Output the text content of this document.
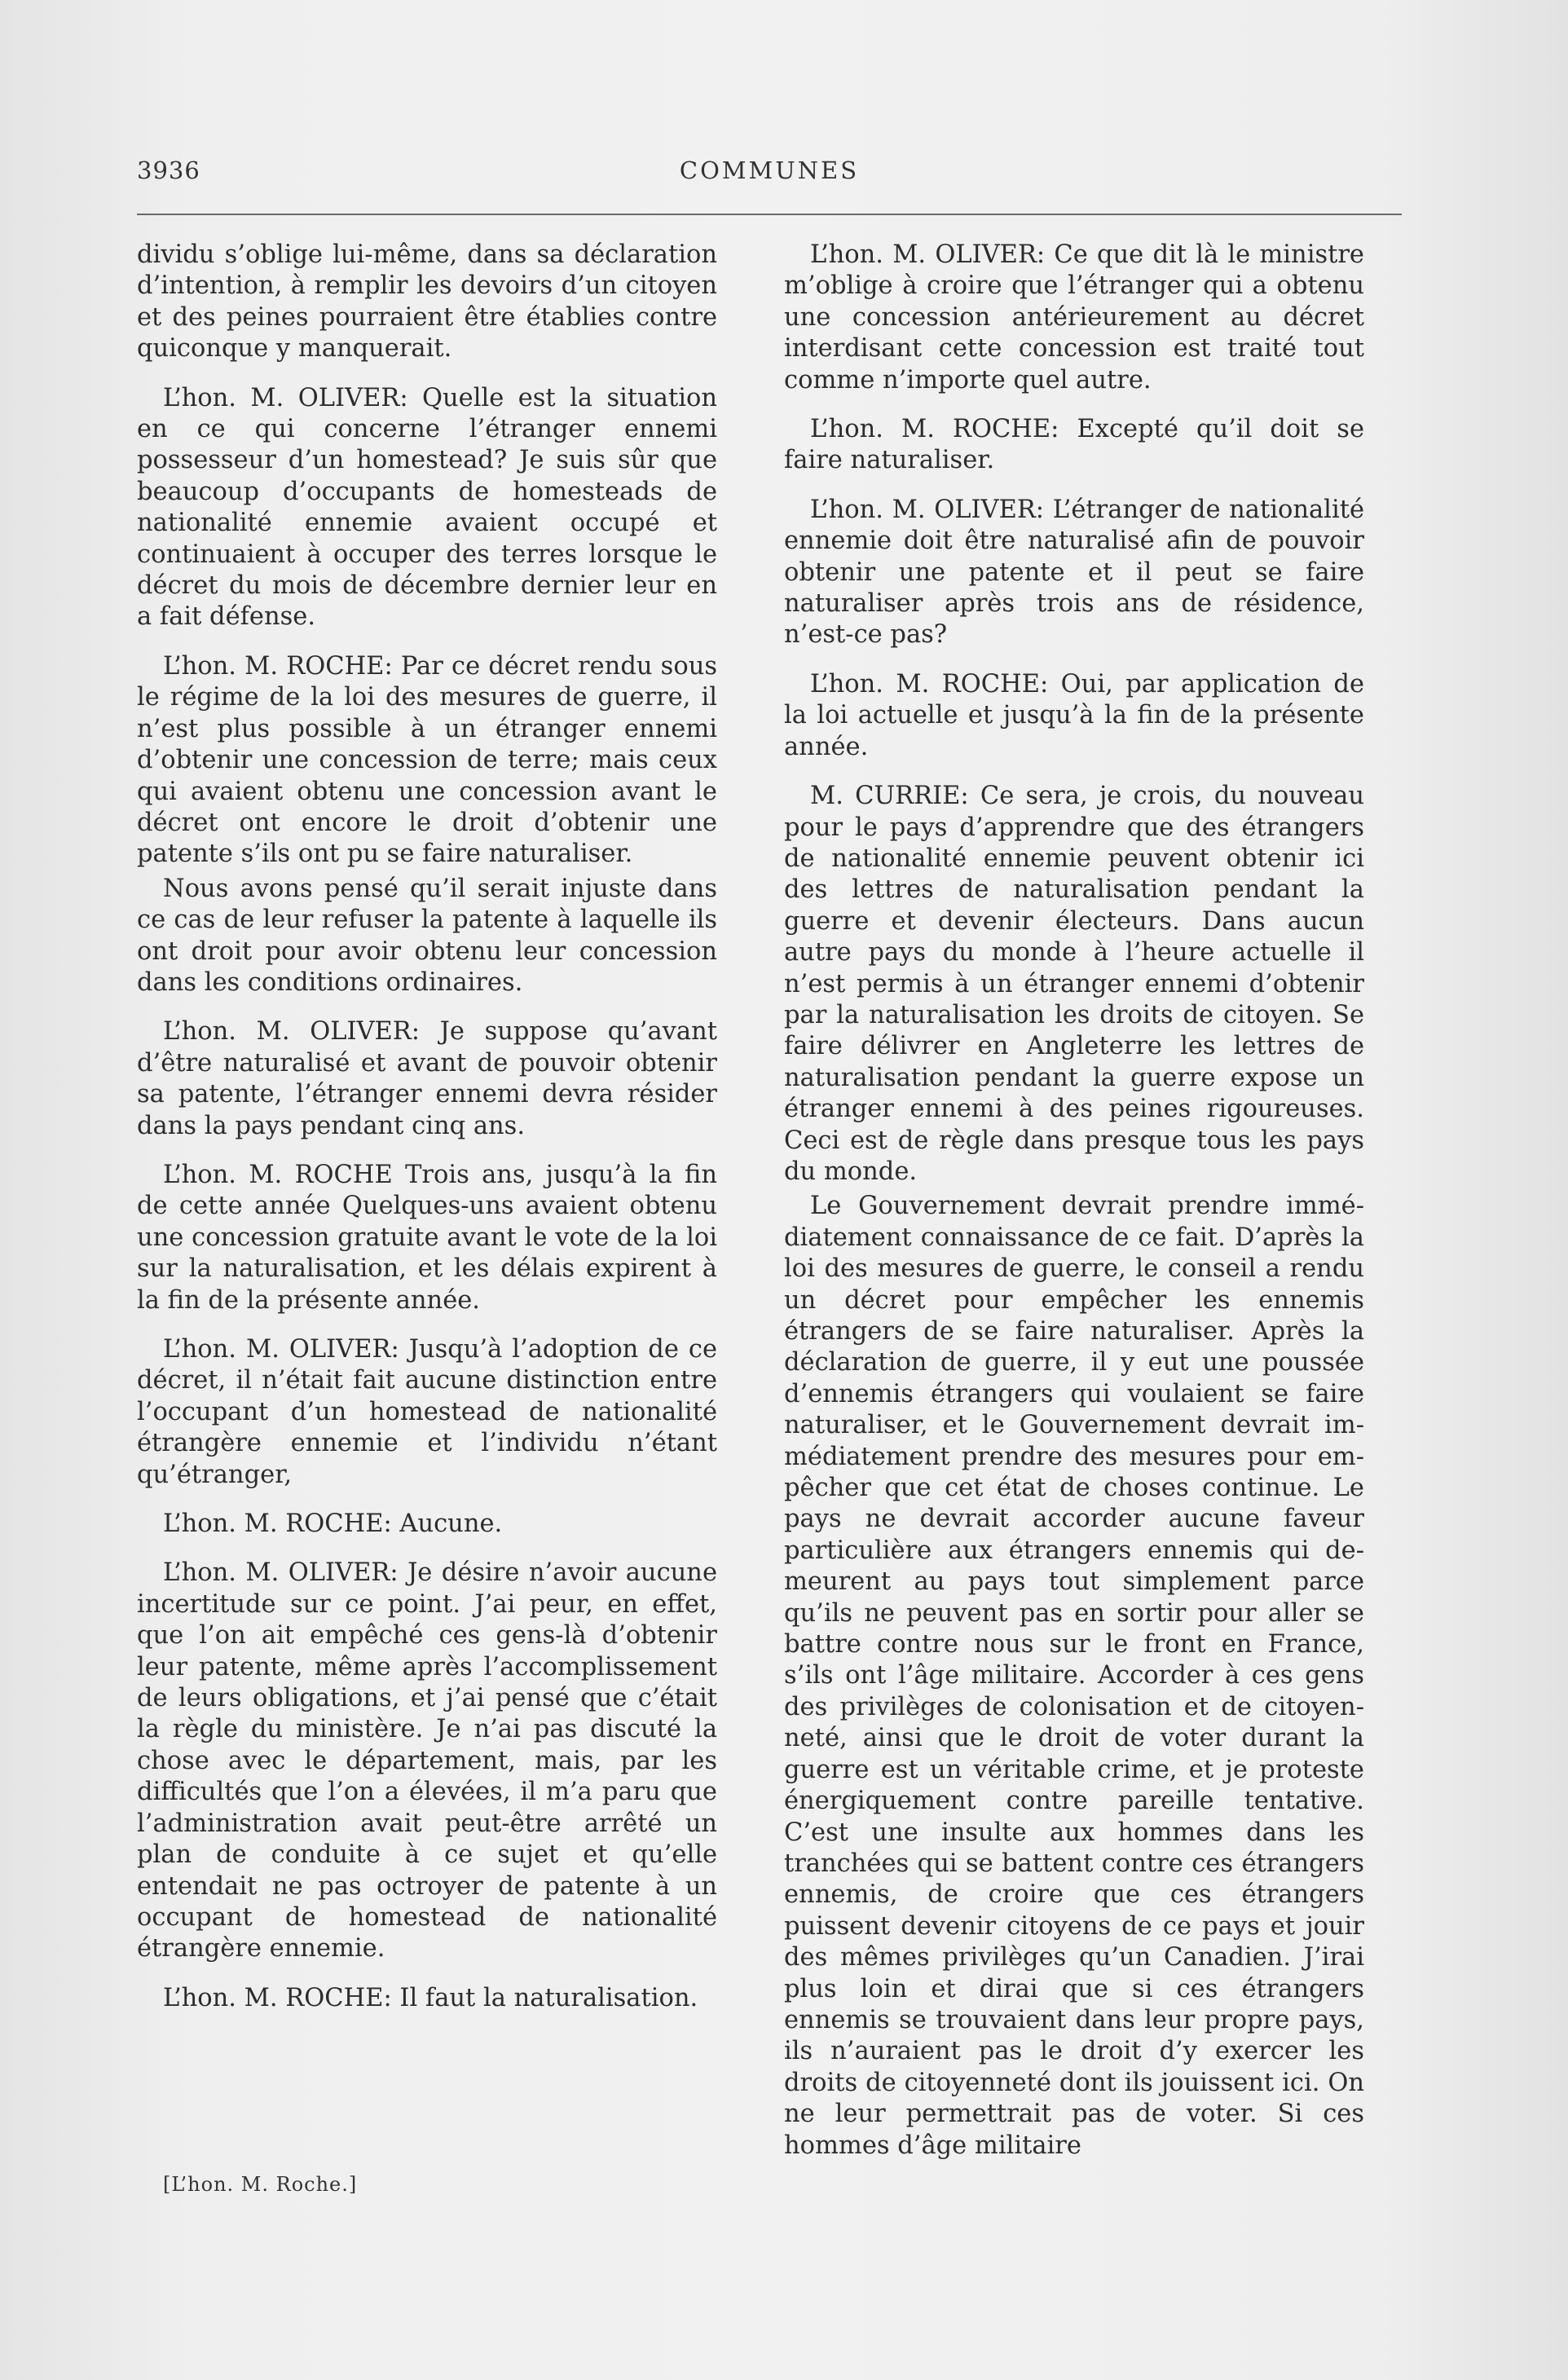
3936	COMMUNES

dividu s’oblige lui-même, dans sa déclaration d’intention, à remplir les devoirs d’un citoyen et des peines pourraient être établies contre quiconque y manquerait.

L’hon. M. OLIVER: Quelle est la situation en ce qui concerne l’étranger ennemi possesseur d’un homestead? Je suis sûr que beaucoup d’occupants de homesteads de nationalité ennemie avaient occupé et continuaient à occuper des terres lorsque le décret du mois de décembre dernier leur en a fait défense.

L’hon. M. ROCHE: Par ce décret rendu sous le régime de la loi des mesures de guerre, il n’est plus possible à un étranger ennemi d’obtenir une concession de terre; mais ceux qui avaient obtenu une concession avant le décret ont encore le droit d’obtenir une patente s’ils ont pu se faire naturaliser.

Nous avons pensé qu’il serait injuste dans ce cas de leur refuser la patente à laquelle ils ont droit pour avoir obtenu leur concession dans les conditions ordinaires.

L’hon. M. OLIVER: Je suppose qu’avant d’être naturalisé et avant de pouvoir obtenir sa patente, l’étranger ennemi devra résider dans la pays pendant cinq ans.

L’hon. M. ROCHE Trois ans, jusqu’à la fin de cette année Quelques-uns avaient obtenu une concession gratuite avant le vote de la loi sur la naturalisation, et les délais expirent à la fin de la présente année.

L’hon. M. OLIVER: Jusqu’à l’adoption de ce décret, il n’était fait aucune distinction entre l’occupant d’un homestead de nationalité étrangère ennemie et l’individu n’étant qu’étranger,

L’hon. M. ROCHE: Aucune.

L’hon. M. OLIVER: Je désire n’avoir aucune incertitude sur ce point. J’ai peur, en effet, que l’on ait empêché ces gens-là d’obtenir leur patente, même après l’accomplissement de leurs obligations, et j’ai pensé que c’était la règle du ministère. Je n’ai pas discuté la chose avec le département, mais, par les difficultés que l’on a élevées, il m’a paru que l’administration avait peut-être arrêté un plan de conduite à ce sujet et qu’elle entendait ne pas octroyer de patente à un occupant de homestead de nationalité étrangère ennemie.

L’hon. M. ROCHE: Il faut la naturalisation.

L’hon. M. OLIVER: Ce que dit là le ministre m’oblige à croire que l’étranger qui a obtenu une concession antérieurement au décret interdisant cette concession est traité tout comme n’importe quel autre.

L’hon. M. ROCHE: Excepté qu’il doit se faire naturaliser.

L’hon. M. OLIVER: L’étranger de nationalité ennemie doit être naturalisé afin de pouvoir obtenir une patente et il peut se faire naturaliser après trois ans de résidence, n’est-ce pas?

L’hon. M. ROCHE: Oui, par application de la loi actuelle et jusqu’à la fin de la présente année.

M. CURRIE: Ce sera, je crois, du nouveau pour le pays d’apprendre que des étrangers de nationalité ennemie peuvent obtenir ici des lettres de naturalisation pendant la guerre et devenir électeurs. Dans aucun autre pays du monde à l’heure actuelle il n’est permis à un étranger ennemi d’obtenir par la naturalisation les droits de citoyen. Se faire délivrer en Angleterre les lettres de naturalisation pendant la guerre expose un étranger ennemi à des peines rigoureuses. Ceci est de règle dans presque tous les pays du monde.

Le Gouvernement devrait prendre immédiatement connaissance de ce fait. D’après la loi des mesures de guerre, le conseil a rendu un décret pour empêcher les ennemis étrangers de se faire naturaliser. Après la déclaration de guerre, il y eut une poussée d’ennemis étrangers qui voulaient se faire naturaliser, et le Gouvernement devrait immédiatement prendre des mesures pour empêcher que cet état de choses continue. Le pays ne devrait accorder aucune faveur particulière aux étrangers ennemis qui demeurent au pays tout simplement parce qu’ils ne peuvent pas en sortir pour aller se battre contre nous sur le front en France, s’ils ont l’âge militaire. Accorder à ces gens des privilèges de colonisation et de citoyenneté, ainsi que le droit de voter durant la guerre est un véritable crime, et je proteste énergiquement contre pareille tentative. C’est une insulte aux hommes dans les tranchées qui se battent contre ces étrangers ennemis, de croire que ces étrangers puissent devenir citoyens de ce pays et jouir des mêmes privilèges qu’un Canadien. J’irai plus loin et dirai que si ces étrangers ennemis se trouvaient dans leur propre pays, ils n’auraient pas le droit d’y exercer les droits de citoyenneté dont ils jouissent ici. On ne leur permettrait pas de voter. Si ces hommes d’âge militaire

[L’hon. M. Roche.]
